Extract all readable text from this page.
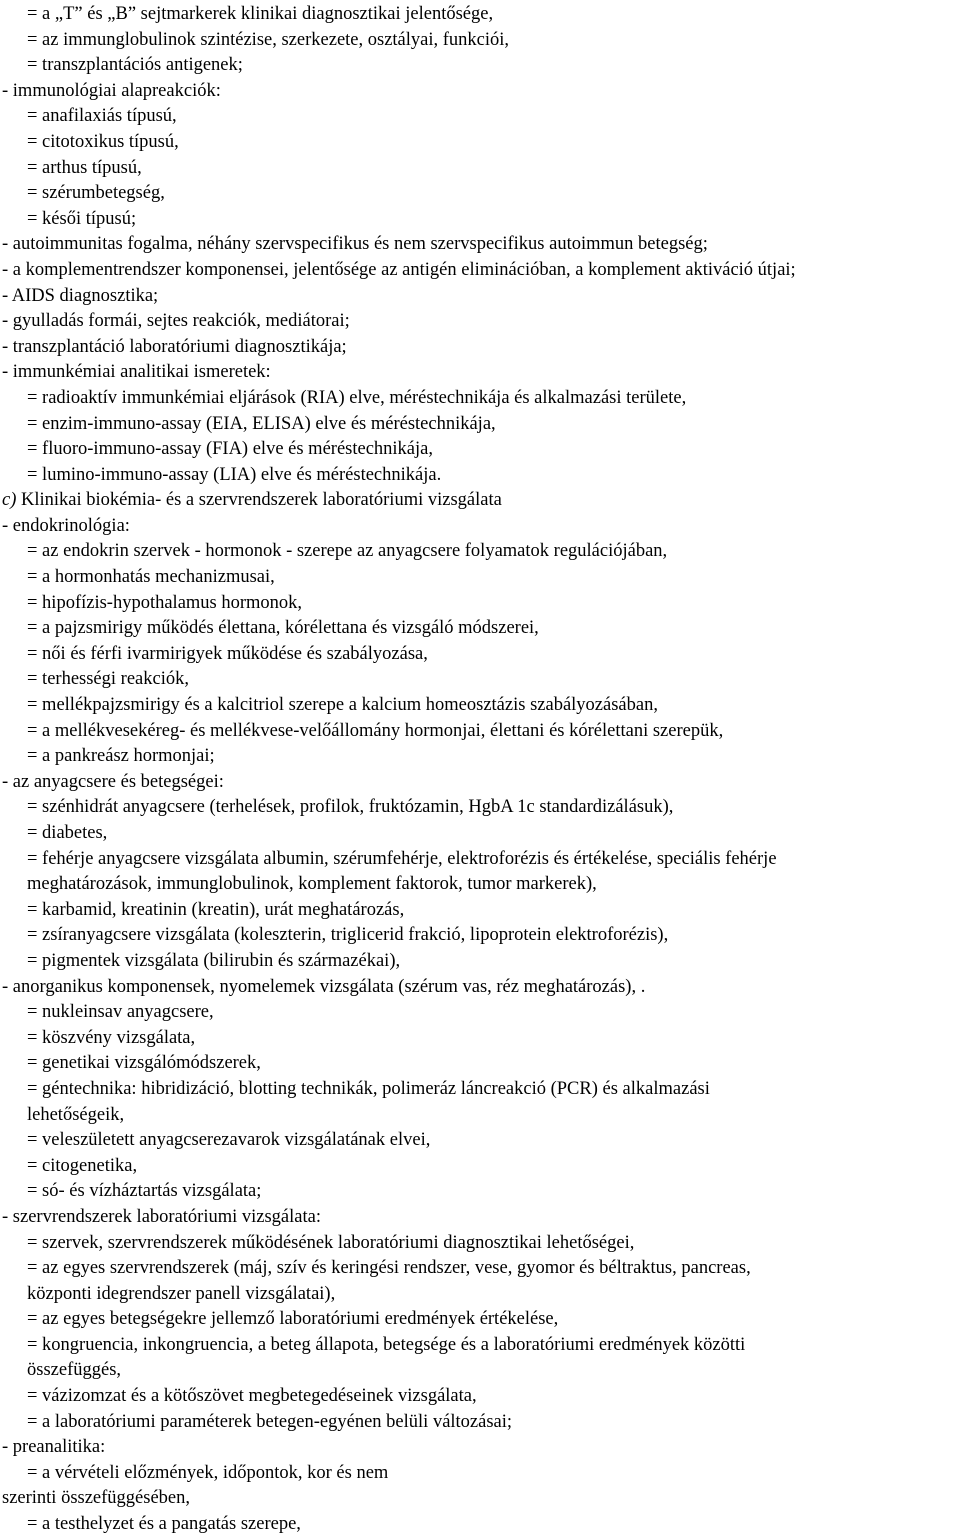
= a „T” és „B” sejtmarkerek klinikai diagnosztikai jelentősége,
= az immunglobulinok szintézise, szerkezete, osztályai, funkciói,
= transzplantációs antigenek;
- immunológiai alapreakciók:
= anafilaxiás típusú,
= citotoxikus típusú,
= arthus típusú,
= szérumbetegség,
= késői típusú;
- autoimmunitas fogalma, néhány szervspecifikus és nem szervspecifikus autoimmun betegség;
- a komplementrendszer komponensei, jelentősége az antigén eliminációban, a komplement aktiváció útjai;
- AIDS diagnosztika;
- gyulladás formái, sejtes reakciók, mediátorai;
- transzplantáció laboratóriumi diagnosztikája;
- immunkémiai analitikai ismeretek:
= radioaktív immunkémiai eljárások (RIA) elve, méréstechnikája és alkalmazási területe,
= enzim-immuno-assay (EIA, ELISA) elve és méréstechnikája,
= fluoro-immuno-assay (FIA) elve és méréstechnikája,
= lumino-immuno-assay (LIA) elve és méréstechnikája.
c) Klinikai biokémia- és a szervrendszerek laboratóriumi vizsgálata
- endokrinológia:
= az endokrin szervek - hormonok - szerepe az anyagcsere folyamatok regulációjában,
= a hormonhatás mechanizmusai,
= hipofízis-hypothalamus hormonok,
= a pajzsmirigy működés élettana, kórélettana és vizsgáló módszerei,
= női és férfi ivarmirigyek működése és szabályozása,
= terhességi reakciók,
= mellékpajzsmirigy és a kalcitriol szerepe a kalcium homeosztázis szabályozásában,
= a mellékvesekéreg- és mellékvese-velőállomány hormonjai, élettani és kórélettani szerepük,
= a pankreász hormonjai;
- az anyagcsere és betegségei:
= szénhidrát anyagcsere (terhelések, profilok, fruktózamin, HgbA 1c standardizálásuk),
= diabetes,
= fehérje anyagcsere vizsgálata albumin, szérumfehérje, elektroforézis és értékelése, speciális fehérje
meghatározások, immunglobulinok, komplement faktorok, tumor markerek),
= karbamid, kreatinin (kreatin), urát meghatározás,
= zsíranyagcsere vizsgálata (koleszterin, triglicerid frakció, lipoprotein elektroforézis),
= pigmentek vizsgálata (bilirubin és származékai),
- anorganikus komponensek, nyomelemek vizsgálata (szérum vas, réz meghatározás), .
= nukleinsav anyagcsere,
= köszvény vizsgálata,
= genetikai vizsgálómódszerek,
= géntechnika: hibridizáció, blotting technikák, polimeráz láncreakció (PCR) és alkalmazási
lehetőségeik,
= veleszületett anyagcserezavarok vizsgálatának elvei,
= citogenetika,
= só- és vízháztartás vizsgálata;
- szervrendszerek laboratóriumi vizsgálata:
= szervek, szervrendszerek működésének laboratóriumi diagnosztikai lehetőségei,
= az egyes szervrendszerek (máj, szív és keringési rendszer, vese, gyomor és béltraktus, pancreas,
központi idegrendszer panell vizsgálatai),
= az egyes betegségekre jellemző laboratóriumi eredmények értékelése,
= kongruencia, inkongruencia, a beteg állapota, betegsége és a laboratóriumi eredmények közötti
összefüggés,
= vázizomzat és a kötőszövet megbetegedéseinek vizsgálata,
= a laboratóriumi paraméterek betegen-egyénen belüli változásai;
- preanalitika:
= a vérvételi előzmények, időpontok, kor és nem
szerinti összefüggésében,
= a testhelyzet és a pangatás szerepe,
